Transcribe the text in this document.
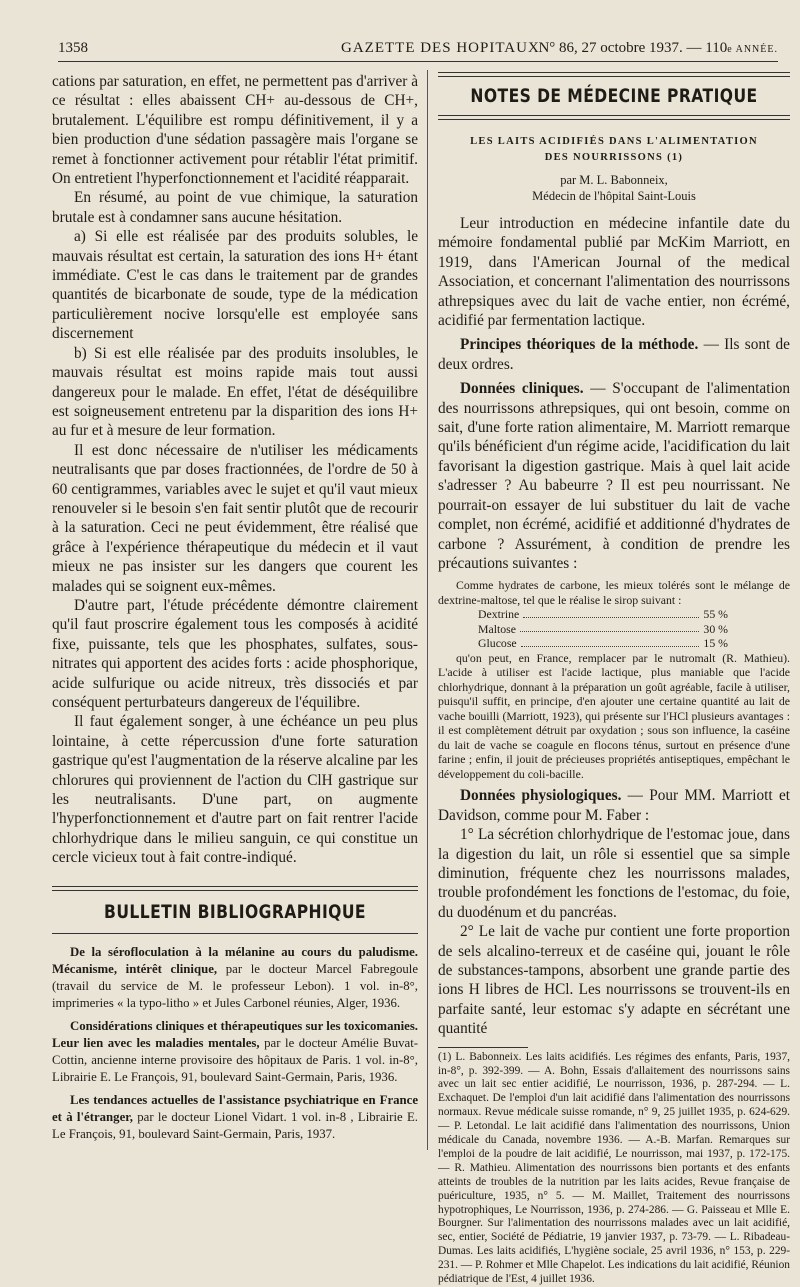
1358	GAZETTE DES HOPITAUX
N° 86, 27 octobre 1937. — 110e ANNÉE.

cations par saturation, en effet, ne permettent pas d'arriver à ce résultat : elles abaissent CH+ au-dessous de CH+, brutalement. L'équilibre est rompu définitivement, il y a bien production d'une sédation passagère mais l'organe se remet à fonctionner activement pour rétablir l'état primitif. On entretient l'hyperfonctionnement et l'acidité réapparait.

En résumé, au point de vue chimique, la saturation brutale est à condamner sans aucune hésitation.

a) Si elle est réalisée par des produits solubles, le mauvais résultat est certain, la saturation des ions H+ étant immédiate. C'est le cas dans le traitement par de grandes quantités de bicarbonate de soude, type de la médication particulièrement nocive lorsqu'elle est employée sans discernement

b) Si est elle réalisée par des produits insolubles, le mauvais résultat est moins rapide mais tout aussi dangereux pour le malade. En effet, l'état de déséquilibre est soigneusement entretenu par la disparition des ions H+ au fur et à mesure de leur formation.

Il est donc nécessaire de n'utiliser les médicaments neutralisants que par doses fractionnées, de l'ordre de 50 à 60 centigrammes, variables avec le sujet et qu'il vaut mieux renouveler si le besoin s'en fait sentir plutôt que de recourir à la saturation. Ceci ne peut évidemment, être réalisé que grâce à l'expérience thérapeutique du médecin et il vaut mieux ne pas insister sur les dangers que courent les malades qui se soignent eux-mêmes.

D'autre part, l'étude précédente démontre clairement qu'il faut proscrire également tous les composés à acidité fixe, puissante, tels que les phosphates, sulfates, sous-nitrates qui apportent des acides forts : acide phosphorique, acide sulfurique ou acide nitreux, très dissociés et par conséquent perturbateurs dangereux de l'équilibre.

Il faut également songer, à une échéance un peu plus lointaine, à cette répercussion d'une forte saturation gastrique qu'est l'augmentation de la réserve alcaline par les chlorures qui proviennent de l'action du ClH gastrique sur les neutralisants. D'une part, on augmente l'hyperfonctionnement et d'autre part on fait rentrer l'acide chlorhydrique dans le milieu sanguin, ce qui constitue un cercle vicieux tout à fait contre-indiqué.

BULLETIN BIBLIOGRAPHIQUE

De la sérofloculation à la mélanine au cours du paludisme. Mécanisme, intérêt clinique, par le docteur Marcel Fabregoule (travail du service de M. le professeur Lebon). 1 vol. in-8°, imprimeries « la typo-litho » et Jules Carbonel réunies, Alger, 1936.

Considérations cliniques et thérapeutiques sur les toxicomanies. Leur lien avec les maladies mentales, par le docteur Amélie Buvat-Cottin, ancienne interne provisoire des hôpitaux de Paris. 1 vol. in-8°, Librairie E. Le François, 91, boulevard Saint-Germain, Paris, 1936.

Les tendances actuelles de l'assistance psychiatrique en France et à l'étranger, par le docteur Lionel Vidart. 1 vol. in-8 , Librairie E. Le François, 91, boulevard Saint-Germain, Paris, 1937.

NOTES DE MÉDECINE PRATIQUE

LES LAITS ACIDIFIÉS DANS L'ALIMENTATION

DES NOURRISSONS (1)

par M. L. Babonneix,

Médecin de l'hôpital Saint-Louis

Leur introduction en médecine infantile date du mémoire fondamental publié par McKim Marriott, en 1919, dans l'American Journal of the medical Association, et concernant l'alimentation des nourrissons athrepsiques avec du lait de vache entier, non écrémé, acidifié par fermentation lactique.

Principes théoriques de la méthode. — Ils sont de deux ordres.

Données cliniques. — S'occupant de l'alimentation des nourrissons athrepsiques, qui ont besoin, comme on sait, d'une forte ration alimentaire, M. Marriott remarque qu'ils bénéficient d'un régime acide, l'acidification du lait favorisant la digestion gastrique. Mais à quel lait acide s'adresser ? Au babeurre ? Il est peu nourrissant. Ne pourrait-on essayer de lui substituer du lait de vache complet, non écrémé, acidifié et additionné d'hydrates de carbone ? Assurément, à condition de prendre les précautions suivantes :

Comme hydrates de carbone, les mieux tolérés sont le mélange de dextrine-maltose, tel que le réalise le sirop suivant :

Dextrine	55 %
Maltose	30 %
Glucose	15 %

qu'on peut, en France, remplacer par le nutromalt (R. Mathieu). L'acide à utiliser est l'acide lactique, plus maniable que l'acide chlorhydrique, donnant à la préparation un goût agréable, facile à utiliser, puisqu'il suffit, en principe, d'en ajouter une certaine quantité au lait de vache bouilli (Marriott, 1923), qui présente sur l'HCl plusieurs avantages : il est complètement détruit par oxydation ; sous son influence, la caséine du lait de vache se coagule en flocons ténus, surtout en présence d'une farine ; enfin, il jouit de précieuses propriétés antiseptiques, empêchant le développement du coli-bacille.

Données physiologiques. — Pour MM. Marriott et Davidson, comme pour M. Faber :

1° La sécrétion chlorhydrique de l'estomac joue, dans la digestion du lait, un rôle si essentiel que sa simple diminution, fréquente chez les nourrissons malades, trouble profondément les fonctions de l'estomac, du foie, du duodénum et du pancréas.

2° Le lait de vache pur contient une forte proportion de sels alcalino-terreux et de caséine qui, jouant le rôle de substances-tampons, absorbent une grande partie des ions H libres de HCl. Les nourrissons se trouvent-ils en parfaite santé, leur estomac s'y adapte en sécrétant une quantité

(1) L. Babonneix. Les laits acidifiés. Les régimes des enfants, Paris, 1937, in-8°, p. 392-399. — A. Bohn, Essais d'allaitement des nourrissons sains avec un lait sec entier acidifié, Le nourrisson, 1936, p. 287-294. — L. Exchaquet. De l'emploi d'un lait acidifié dans l'alimentation des nourrissons normaux. Revue médicale suisse romande, n° 9, 25 juillet 1935, p. 624-629. — P. Letondal. Le lait acidifié dans l'alimentation des nourrissons, Union médicale du Canada, novembre 1936. — A.-B. Marfan. Remarques sur l'emploi de la poudre de lait acidifié, Le nourrisson, mai 1937, p. 172-175. — R. Mathieu. Alimentation des nourrissons bien portants et des enfants atteints de troubles de la nutrition par les laits acides, Revue française de puériculture, 1935, n° 5. — M. Maillet, Traitement des nourrissons hypotrophiques, Le Nourrisson, 1936, p. 274-286. — G. Paisseau et Mlle E. Bourgner. Sur l'alimentation des nourrissons malades avec un lait acidifié, sec, entier, Société de Pédiatrie, 19 janvier 1937, p. 73-79. — L. Ribadeau-Dumas. Les laits acidifiés, L'hygiène sociale, 25 avril 1936, n° 153, p. 229-231. — P. Rohmer et Mlle Chapelot. Les indications du lait acidifié, Réunion pédiatrique de l'Est, 4 juillet 1936.
